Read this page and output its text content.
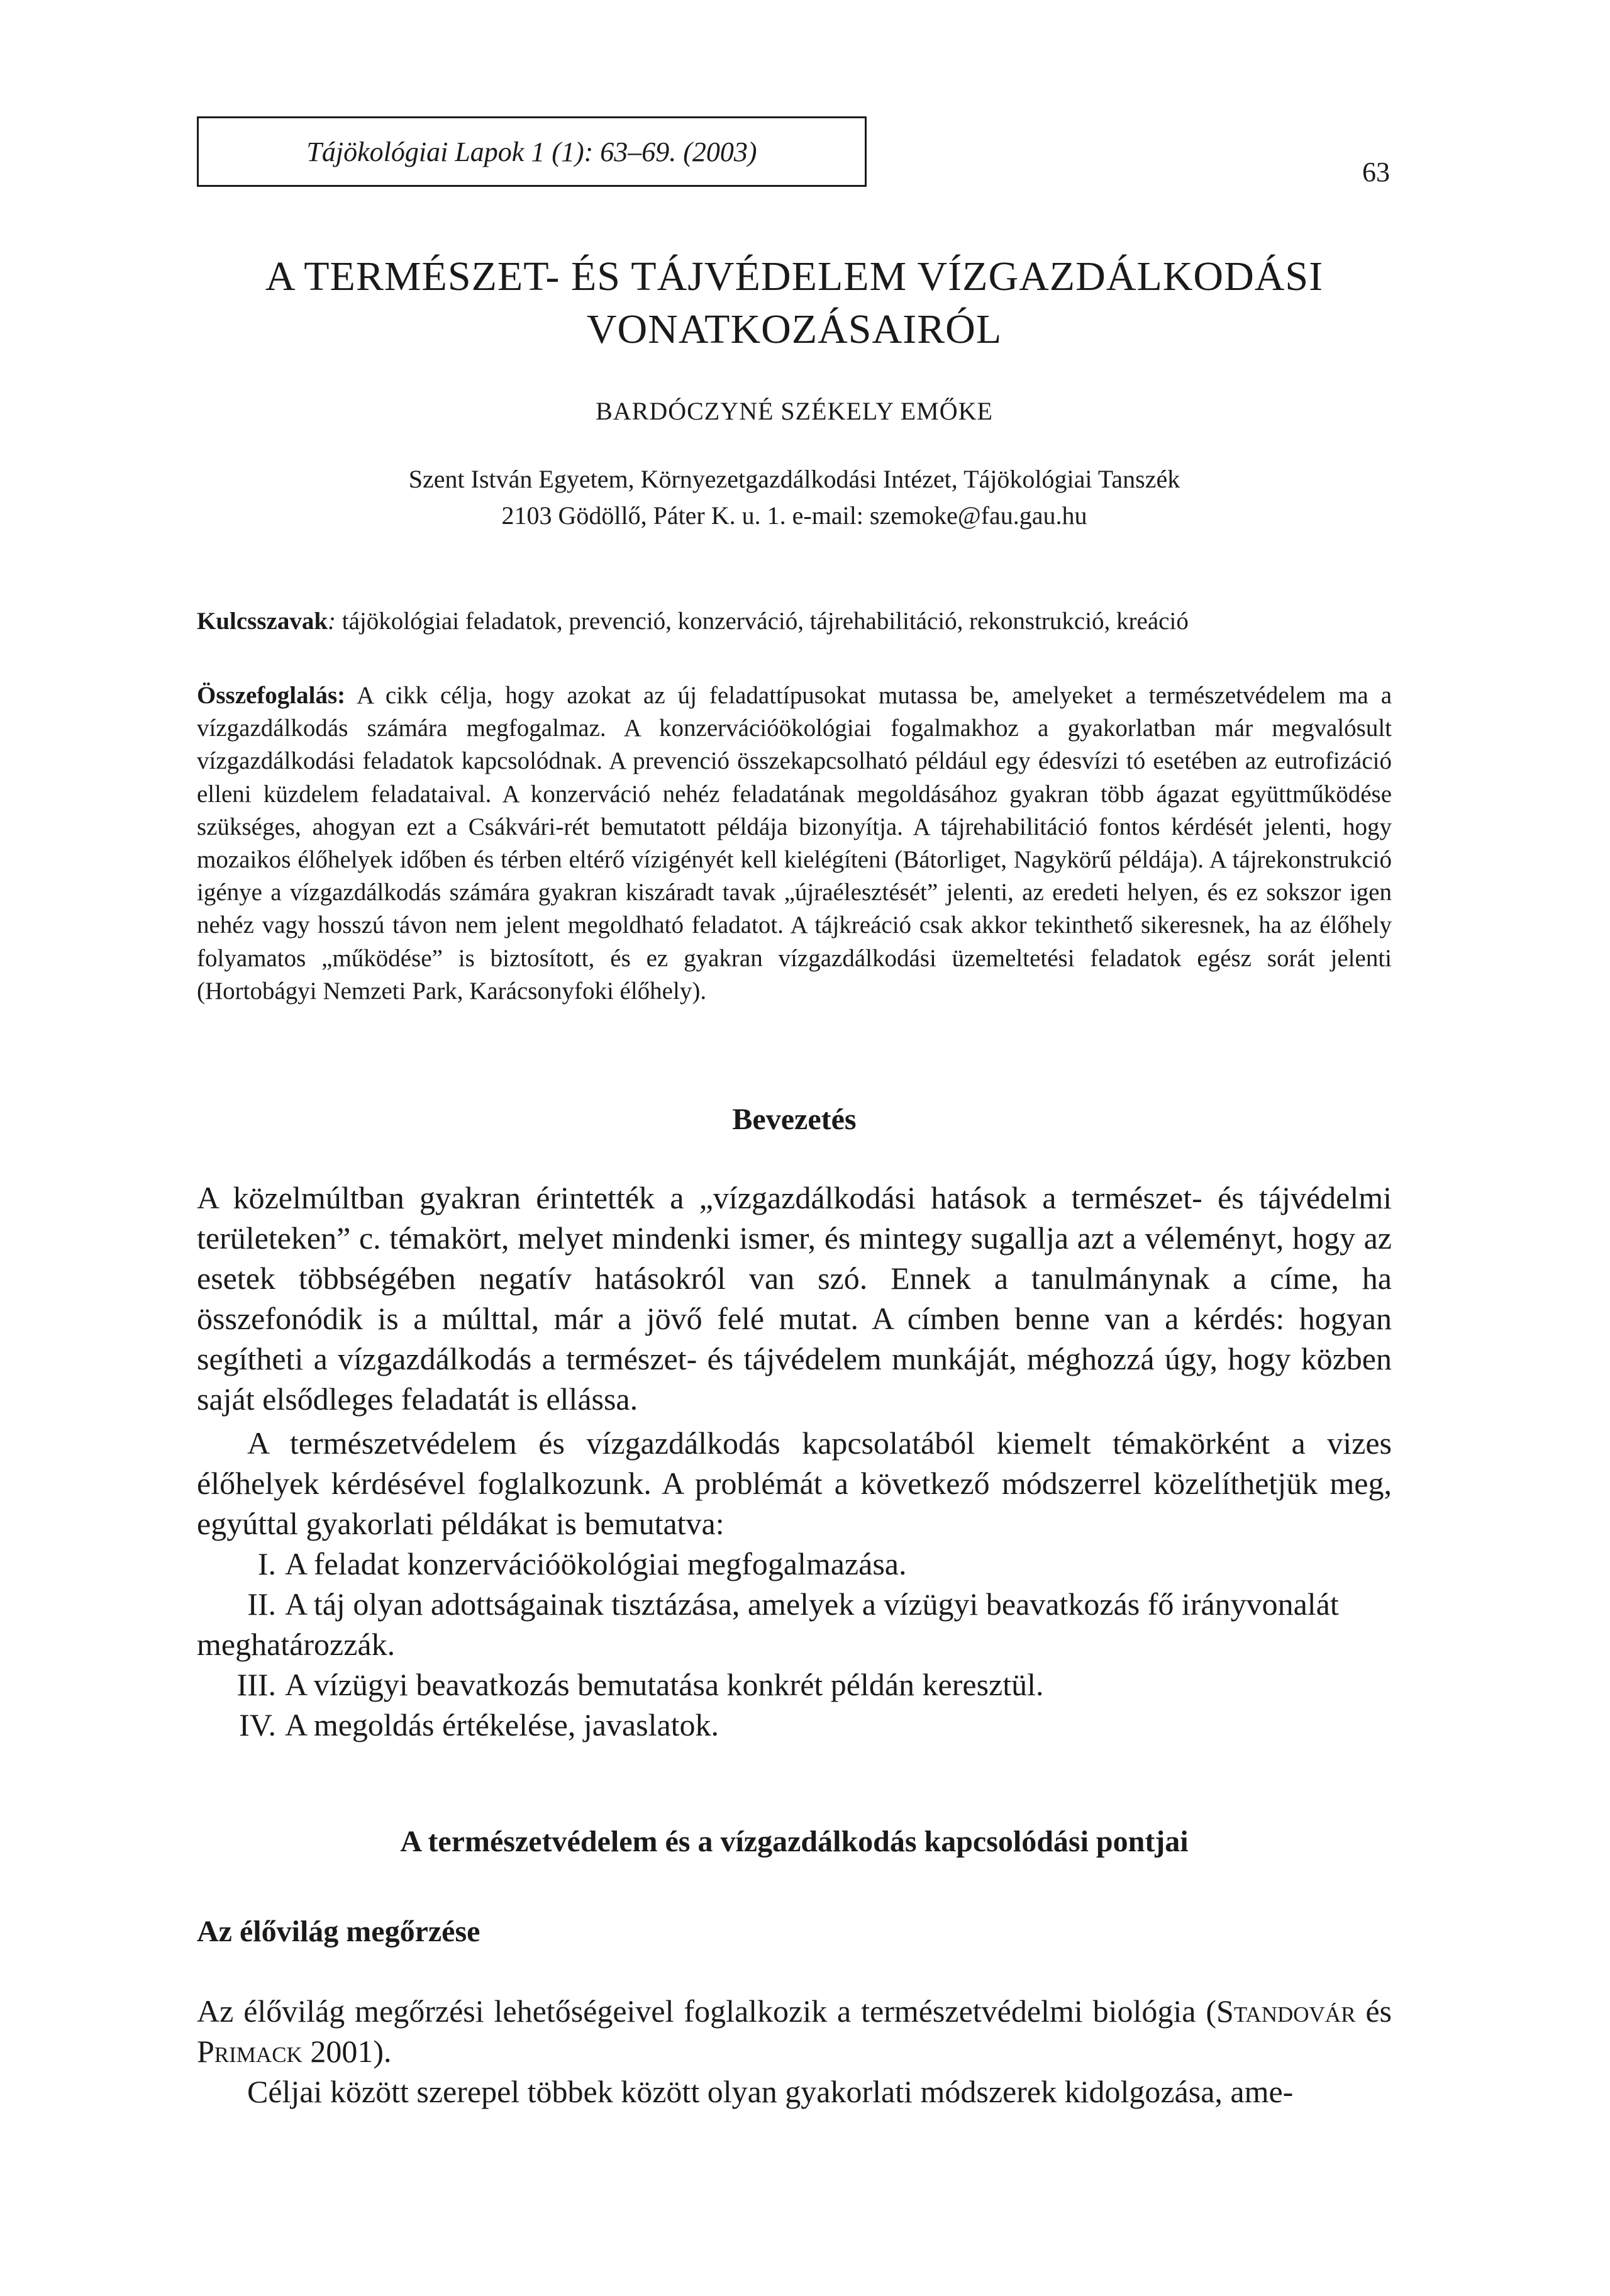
Tájökológiai Lapok 1 (1): 63–69. (2003)
63
A TERMÉSZET- ÉS TÁJVÉDELEM VÍZGAZDÁLKODÁSI
VONATKOZÁSAIRÓL
BARDÓCZYNÉ SZÉKELY EMŐKE
Szent István Egyetem, Környezetgazdálkodási Intézet, Tájökológiai Tanszék
2103 Gödöllő, Páter K. u. 1. e-mail: szemoke@fau.gau.hu
Kulcsszavak: tájökológiai feladatok, prevenció, konzerváció, tájrehabilitáció, rekonstrukció, kreáció
Összefoglalás: A cikk célja, hogy azokat az új feladattípusokat mutassa be, amelyeket a természetvédelem ma a vízgazdálkodás számára megfogalmaz. A konzervációökológiai fogalmakhoz a gyakorlatban már megvalósult vízgazdálkodási feladatok kapcsolódnak. A prevenció összekapcsolható például egy édesvízi tó esetében az eutrofizáció elleni küzdelem feladataival. A konzerváció nehéz feladatának megoldásához gyakran több ágazat együttműködése szükséges, ahogyan ezt a Csákvári-rét bemutatott példája bizonyítja. A tájrehabilitáció fontos kérdését jelenti, hogy mozaikos élőhelyek időben és térben eltérő vízigényét kell kielégíteni (Bátorliget, Nagykörű példája). A tájrekonstrukció igénye a vízgazdálkodás számára gyakran kiszáradt tavak „újraélesztését” jelenti, az eredeti helyen, és ez sokszor igen nehéz vagy hosszú távon nem jelent megoldható feladatot. A tájkreáció csak akkor tekinthető sikeresnek, ha az élőhely folyamatos „működése” is biztosított, és ez gyakran vízgazdálkodási üzemeltetési feladatok egész sorát jelenti (Hortobágyi Nemzeti Park, Karácsonyfoki élőhely).
Bevezetés
A közelmúltban gyakran érintették a „vízgazdálkodási hatások a természet- és tájvédelmi területeken” c. témakört, melyet mindenki ismer, és mintegy sugallja azt a véleményt, hogy az esetek többségében negatív hatásokról van szó. Ennek a tanulmánynak a címe, ha összefonódik is a múlttal, már a jövő felé mutat. A címben benne van a kérdés: hogyan segítheti a vízgazdálkodás a természet- és tájvédelem munkáját, méghozzá úgy, hogy közben saját elsődleges feladatát is ellássa.
A természetvédelem és vízgazdálkodás kapcsolatából kiemelt témakörként a vizes élőhelyek kérdésével foglalkozunk. A problémát a következő módszerrel közelíthetjük meg, egyúttal gyakorlati példákat is bemutatva:
I. A feladat konzervációökológiai megfogalmazása.
II. A táj olyan adottságainak tisztázása, amelyek a vízügyi beavatkozás fő irányvonalát
meghatározzák.
III. A vízügyi beavatkozás bemutatása konkrét példán keresztül.
IV. A megoldás értékelése, javaslatok.
A természetvédelem és a vízgazdálkodás kapcsolódási pontjai
Az élővilág megőrzése
Az élővilág megőrzési lehetőségeivel foglalkozik a természetvédelmi biológia (Standovár és Primack 2001).
Céljai között szerepel többek között olyan gyakorlati módszerek kidolgozása, ame-
